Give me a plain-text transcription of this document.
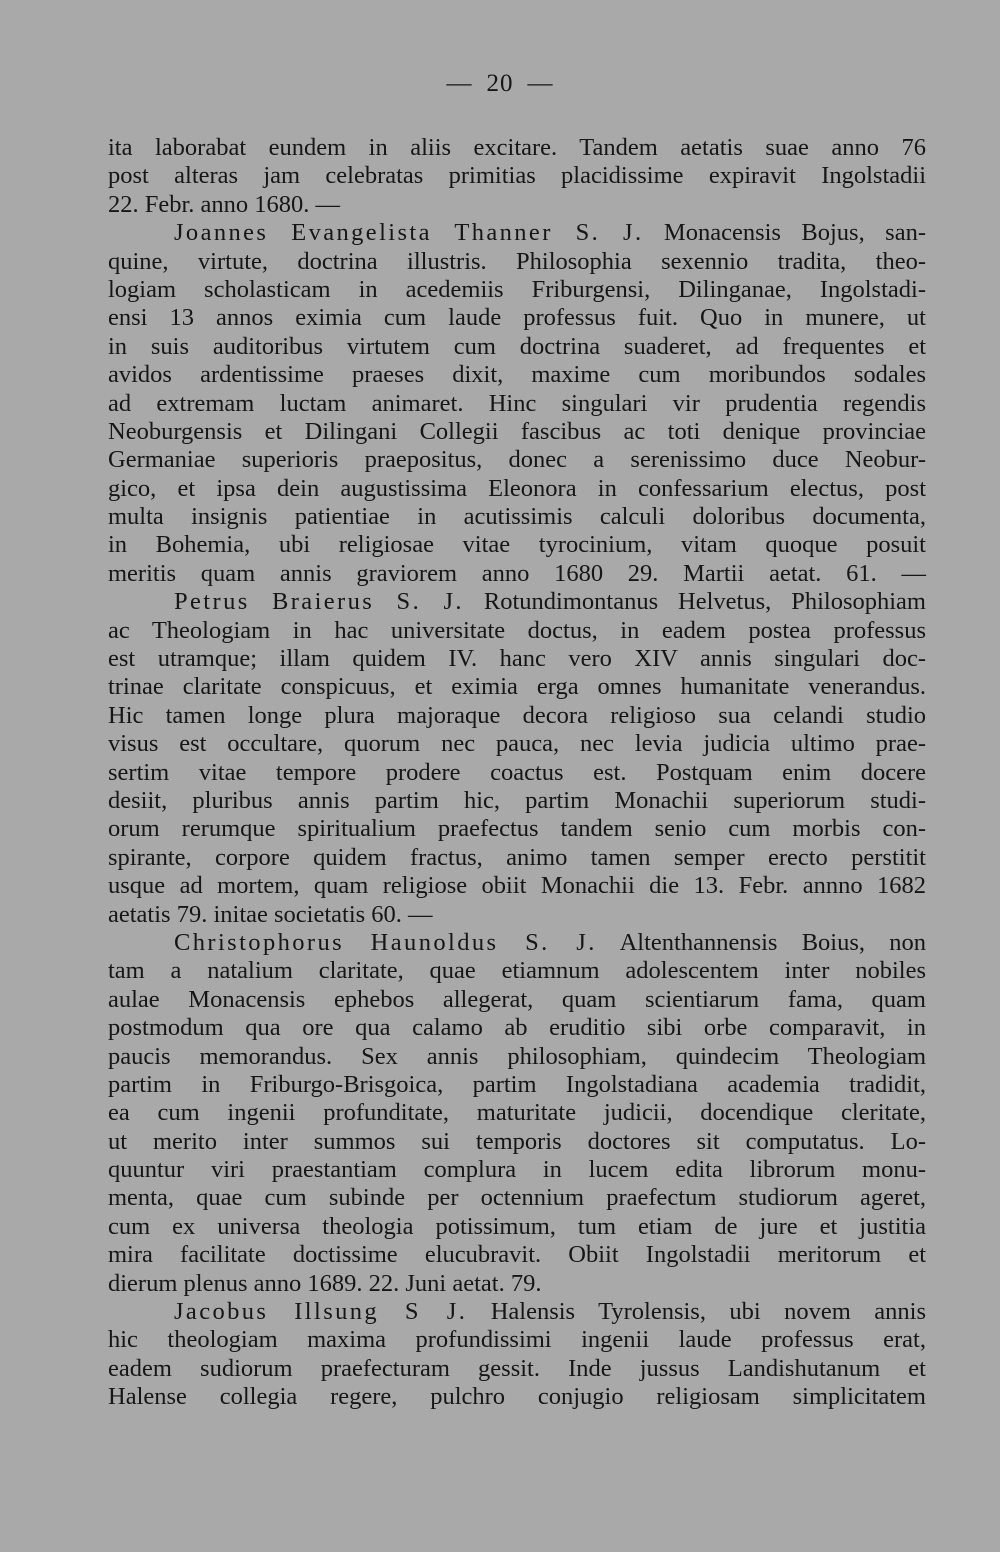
— 20 —
ita laborabat eundem in aliis excitare. Tandem aetatis suae anno 76
post alteras jam celebratas primitias placidissime expiravit Ingolstadii
22. Febr. anno 1680. —
Joannes Evangelista Thanner S. J. Monacensis Bojus, san-
quine, virtute, doctrina illustris. Philosophia sexennio tradita, theo-
logiam scholasticam in acedemiis Friburgensi, Dilinganae, Ingolstadi-
ensi 13 annos eximia cum laude professus fuit. Quo in munere, ut
in suis auditoribus virtutem cum doctrina suaderet, ad frequentes et
avidos ardentissime praeses dixit, maxime cum moribundos sodales
ad extremam luctam animaret. Hinc singulari vir prudentia regendis
Neoburgensis et Dilingani Collegii fascibus ac toti denique provinciae
Germaniae superioris praepositus, donec a serenissimo duce Neobur-
gico, et ipsa dein augustissima Eleonora in confessarium electus, post
multa insignis patientiae in acutissimis calculi doloribus documenta,
in Bohemia, ubi religiosae vitae tyrocinium, vitam quoque posuit
meritis quam annis graviorem anno 1680 29. Martii aetat. 61. —
Petrus Braierus S. J. Rotundimontanus Helvetus, Philosophiam
ac Theologiam in hac universitate doctus, in eadem postea professus
est utramque; illam quidem IV. hanc vero XIV annis singulari doc-
trinae claritate conspicuus, et eximia erga omnes humanitate venerandus.
Hic tamen longe plura majoraque decora religioso sua celandi studio
visus est occultare, quorum nec pauca, nec levia judicia ultimo prae-
sertim vitae tempore prodere coactus est. Postquam enim docere
desiit, pluribus annis partim hic, partim Monachii superiorum studi-
orum rerumque spiritualium praefectus tandem senio cum morbis con-
spirante, corpore quidem fractus, animo tamen semper erecto perstitit
usque ad mortem, quam religiose obiit Monachii die 13. Febr. annno 1682
aetatis 79. initae societatis 60. —
Christophorus Haunoldus S. J. Altenthannensis Boius, non
tam a natalium claritate, quae etiamnum adolescentem inter nobiles
aulae Monacensis ephebos allegerat, quam scientiarum fama, quam
postmodum qua ore qua calamo ab eruditio sibi orbe comparavit, in
paucis memorandus. Sex annis philosophiam, quindecim Theologiam
partim in Friburgo-Brisgoica, partim Ingolstadiana academia tradidit,
ea cum ingenii profunditate, maturitate judicii, docendique cleritate,
ut merito inter summos sui temporis doctores sit computatus. Lo-
quuntur viri praestantiam complura in lucem edita librorum monu-
menta, quae cum subinde per octennium praefectum studiorum ageret,
cum ex universa theologia potissimum, tum etiam de jure et justitia
mira facilitate doctissime elucubravit. Obiit Ingolstadii meritorum et
dierum plenus anno 1689. 22. Juni aetat. 79.
Jacobus Illsung S J. Halensis Tyrolensis, ubi novem annis
hic theologiam maxima profundissimi ingenii laude professus erat,
eadem sudiorum praefecturam gessit. Inde jussus Landishutanum et
Halense collegia regere, pulchro conjugio religiosam simplicitatem
